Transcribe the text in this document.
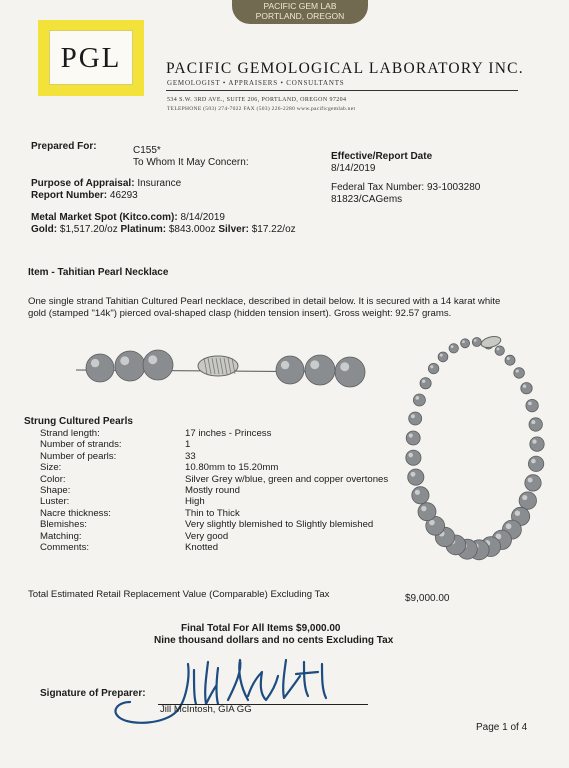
PACIFIC GEM LAB
PORTLAND, OREGON
PGL	PACIFIC GEMOLOGICAL LABORATORY INC.
GEMOLOGIST • APPRAISERS • CONSULTANTS
534 S.W. 3RD AVE., SUITE 206, PORTLAND, OREGON 97204
TELEPHONE (503) 274-7022 FAX (503) 226-2280 www.pacificgemlab.net
Prepared For:	C155*
To Whom It May Concern:
Effective/Report Date
8/14/2019
Purpose of Appraisal: Insurance
Report Number: 46293
Federal Tax Number: 93-1003280
81823/CAGems
Metal Market Spot (Kitco.com): 8/14/2019
Gold: $1,517.20/oz Platinum: $843.00oz Silver: $17.22/oz
Item - Tahitian Pearl Necklace
One single strand Tahitian Cultured Pearl necklace, described in detail below. It is secured with a 14 karat white
gold (stamped "14k") pierced oval-shaped clasp (hidden tension insert). Gross weight: 92.57 grams.
Strung Cultured Pearls
Strand length:	17 inches - Princess
Number of strands:	1
Number of pearls:	33
Size:	10.80mm to 15.20mm
Color:	Silver Grey w/blue, green and copper overtones
Shape:	Mostly round
Luster:	High
Nacre thickness:	Thin to Thick
Blemishes:	Very slightly blemished to Slightly blemished
Matching:	Very good
Comments:	Knotted
Total Estimated Retail Replacement Value (Comparable) Excluding Tax	$9,000.00
Final Total For All Items $9,000.00
Nine thousand dollars and no cents Excluding Tax
Signature of Preparer:
Jill McIntosh, GIA GG
Page 1 of 4
